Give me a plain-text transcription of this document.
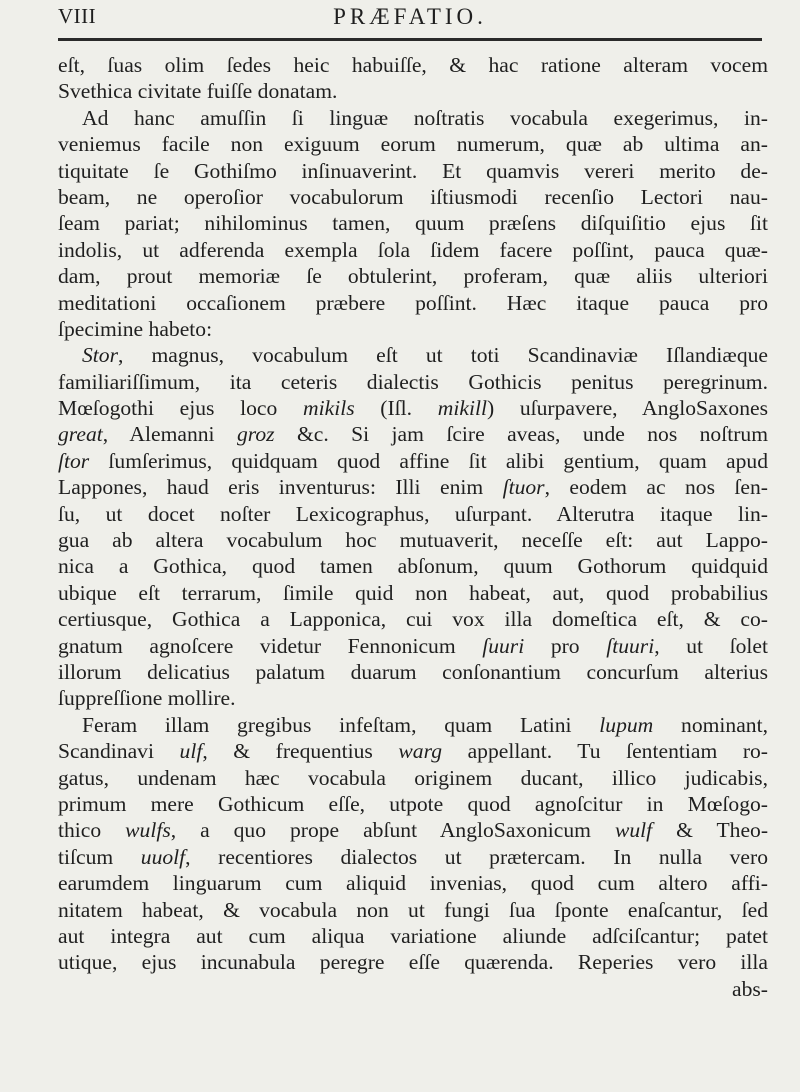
VIII	PRÆFATIO.
eſt, ſuas olim ſedes heic habuiſſe, & hac ratione alteram vocem
Svethica civitate fuiſſe donatam.
Ad hanc amuſſin ſi linguæ noſtratis vocabula exegerimus, in-
veniemus facile non exiguum eorum numerum, quæ ab ultima an-
tiquitate ſe Gothiſmo inſinuaverint. Et quamvis vereri merito de-
beam, ne operoſior vocabulorum iſtiusmodi recenſio Lectori nau-
ſeam pariat; nihilominus tamen, quum præſens diſquiſitio ejus ſit
indolis, ut adferenda exempla ſola ſidem facere poſſint, pauca quæ-
dam, prout memoriæ ſe obtulerint, proferam, quæ aliis ulteriori
meditationi occaſionem præbere poſſint. Hæc itaque pauca pro
ſpecimine habeto:
Stor, magnus, vocabulum eſt ut toti Scandinaviæ Iſlandiæque
familiariſſimum, ita ceteris dialectis Gothicis penitus peregrinum.
Mœſogothi ejus loco mikils (Iſl. mikill) uſurpavere, AngloSaxones
great, Alemanni groz &c. Si jam ſcire aveas, unde nos noſtrum
ſtor ſumſerimus, quidquam quod affine ſit alibi gentium, quam apud
Lappones, haud eris inventurus: Illi enim ſtuor, eodem ac nos ſen-
ſu, ut docet noſter Lexicographus, uſurpant. Alterutra itaque lin-
gua ab altera vocabulum hoc mutuaverit, neceſſe eſt: aut Lappo-
nica a Gothica, quod tamen abſonum, quum Gothorum quidquid
ubique eſt terrarum, ſimile quid non habeat, aut, quod probabilius
certiusque, Gothica a Lapponica, cui vox illa domeſtica eſt, & co-
gnatum agnoſcere videtur Fennonicum ſuuri pro ſtuuri, ut ſolet
illorum delicatius palatum duarum conſonantium concurſum alterius
ſuppreſſione mollire.
Feram illam gregibus infeſtam, quam Latini lupum nominant,
Scandinavi ulf, & frequentius warg appellant. Tu ſententiam ro-
gatus, undenam hæc vocabula originem ducant, illico judicabis,
primum mere Gothicum eſſe, utpote quod agnoſcitur in Mœſogo-
thico wulfs, a quo prope abſunt AngloSaxonicum wulf & Theo-
tiſcum uuolf, recentiores dialectos ut prætercam. In nulla vero
earumdem linguarum cum aliquid invenias, quod cum altero affi-
nitatem habeat, & vocabula non ut fungi ſua ſponte enaſcantur, ſed
aut integra aut cum aliqua variatione aliunde adſciſcantur; patet
utique, ejus incunabula peregre eſſe quærenda. Reperies vero illa
abs-
